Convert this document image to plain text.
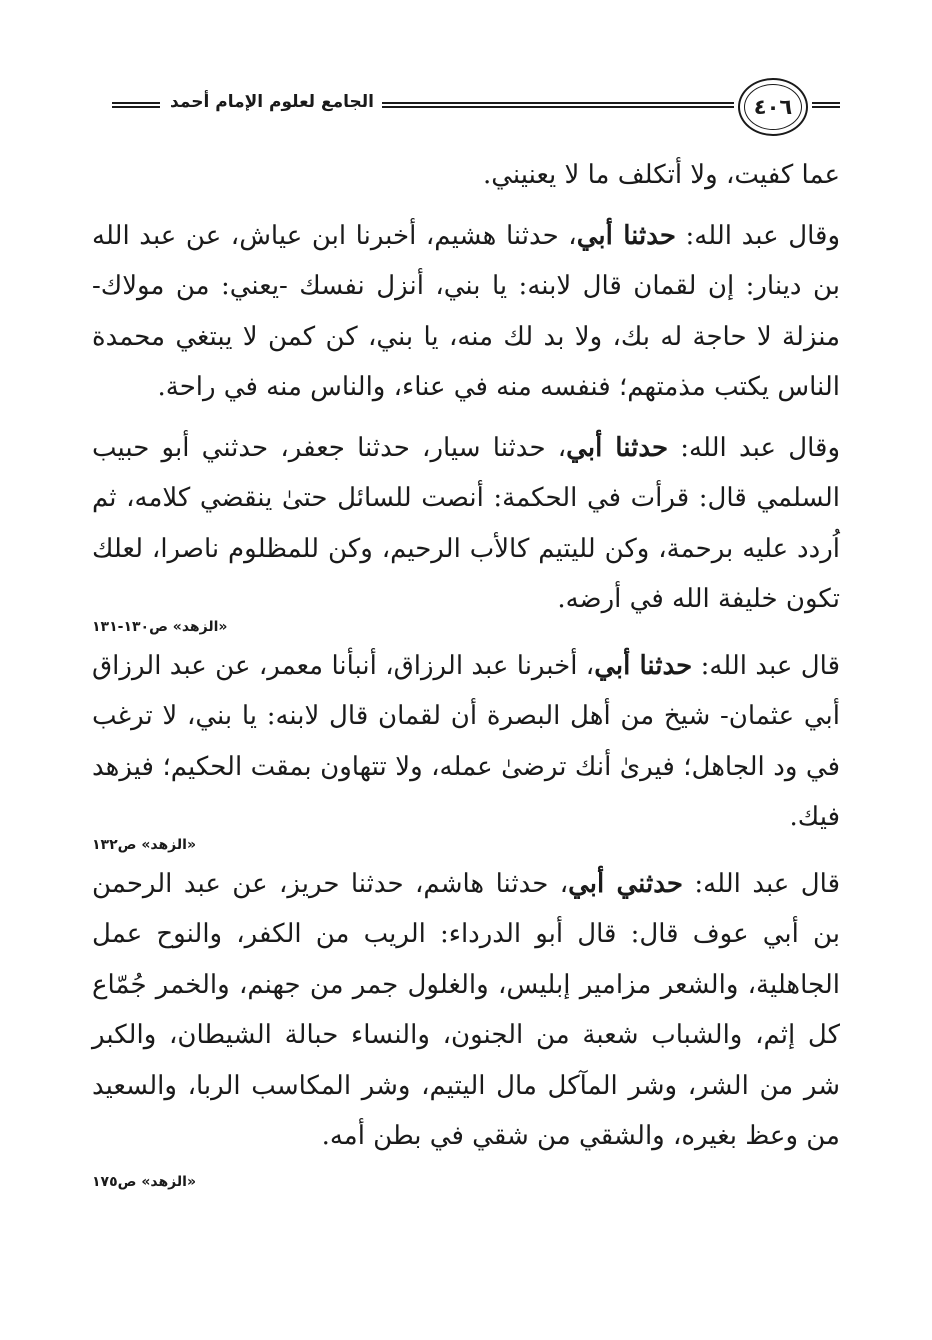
الجامع لعلوم الإمام أحمد	٤٠٦

عما كفيت، ولا أتكلف ما لا يعنيني.

وقال عبد الله: حدثنا أبي، حدثنا هشيم، أخبرنا ابن عياش، عن عبد الله بن دينار: إن لقمان قال لابنه: يا بني، أنزل نفسك -يعني: من مولاك- منزلة لا حاجة له بك، ولا بد لك منه، يا بني، كن كمن لا يبتغي محمدة الناس يكتب مذمتهم؛ فنفسه منه في عناء، والناس منه في راحة.

وقال عبد الله: حدثنا أبي، حدثنا سيار، حدثنا جعفر، حدثني أبو حبيب السلمي قال: قرأت في الحكمة: أنصت للسائل حتىٰ ينقضي كلامه، ثم اُردد عليه برحمة، وكن لليتيم كالأب الرحيم، وكن للمظلوم ناصرا، لعلك تكون خليفة الله في أرضه.

«الزهد» ص١٣٠-١٣١

قال عبد الله: حدثنا أبي، أخبرنا عبد الرزاق، أنبأنا معمر، عن عبد الرزاق أبي عثمان- شيخ من أهل البصرة أن لقمان قال لابنه: يا بني، لا ترغب في ود الجاهل؛ فيرىٰ أنك ترضىٰ عمله، ولا تتهاون بمقت الحكيم؛ فيزهد فيك.

«الزهد» ص١٣٢

قال عبد الله: حدثني أبي، حدثنا هاشم، حدثنا حريز، عن عبد الرحمن بن أبي عوف قال: قال أبو الدرداء: الريب من الكفر، والنوح عمل الجاهلية، والشعر مزامير إبليس، والغلول جمر من جهنم، والخمر جُمّاع كل إثم، والشباب شعبة من الجنون، والنساء حبالة الشيطان، والكبر شر من الشر، وشر المآكل مال اليتيم، وشر المكاسب الربا، والسعيد من وعظ بغيره، والشقي من شقي في بطن أمه.

«الزهد» ص١٧٥
